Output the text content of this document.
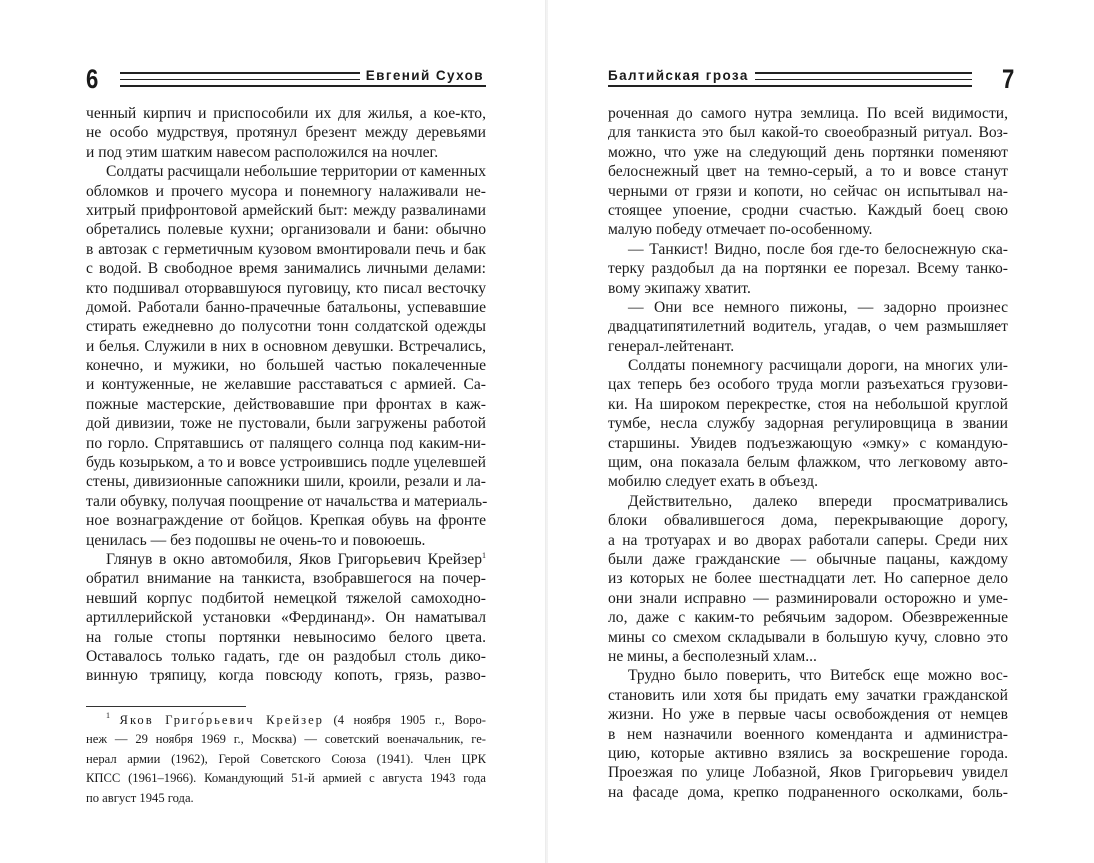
6	Евгений Сухов
ченный кирпич и приспособили их для жилья, а кое-кто,
не особо мудрствуя, протянул брезент между деревьями
и под этим шатким навесом расположился на ночлег.
Солдаты расчищали небольшие территории от каменных
обломков и прочего мусора и понемногу налаживали не-
хитрый прифронтовой армейский быт: между развалинами
обретались полевые кухни; организовали и бани: обычно
в автозак с герметичным кузовом вмонтировали печь и бак
с водой. В свободное время занимались личными делами:
кто подшивал оторвавшуюся пуговицу, кто писал весточку
домой. Работали банно-прачечные батальоны, успевавшие
стирать ежедневно до полусотни тонн солдатской одежды
и белья. Служили в них в основном девушки. Встречались,
конечно, и мужики, но большей частью покалеченные
и контуженные, не желавшие расставаться с армией. Са-
пожные мастерские, действовавшие при фронтах в каж-
дой дивизии, тоже не пустовали, были загружены работой
по горло. Спрятавшись от палящего солнца под каким-ни-
будь козырьком, а то и вовсе устроившись подле уцелевшей
стены, дивизионные сапожники шили, кроили, резали и ла-
тали обувку, получая поощрение от начальства и материаль-
ное вознаграждение от бойцов. Крепкая обувь на фронте
ценилась — без подошвы не очень-то и повоюешь.
Глянув в окно автомобиля, Яков Григорьевич Крейзер$^1$
обратил внимание на танкиста, взобравшегося на почер-
невший корпус подбитой немецкой тяжелой самоходно-
артиллерийской установки «Фердинанд». Он наматывал
на голые стопы портянки невыносимо белого цвета.
Оставалось только гадать, где он раздобыл столь дико-
винную тряпицу, когда повсюду копоть, грязь, разво-
$^1$ Яков Григо́рьевич Крейзер (4 ноября 1905 г., Воро-
неж — 29 ноября 1969 г., Москва) — советский военачальник, ге-
нерал армии (1962), Герой Советского Союза (1941). Член ЦРК
КПСС (1961–1966). Командующий 51-й армией с августа 1943 года
по август 1945 года.
Балтийская гроза	7
роченная до самого нутра землица. По всей видимости,
для танкиста это был какой-то своеобразный ритуал. Воз-
можно, что уже на следующий день портянки поменяют
белоснежный цвет на темно-серый, а то и вовсе станут
черными от грязи и копоти, но сейчас он испытывал на-
стоящее упоение, сродни счастью. Каждый боец свою
малую победу отмечает по-особенному.
— Танкист! Видно, после боя где-то белоснежную ска-
терку раздобыл да на портянки ее порезал. Всему танко-
вому экипажу хватит.
— Они все немного пижоны, — задорно произнес
двадцатипятилетний водитель, угадав, о чем размышляет
генерал-лейтенант.
Солдаты понемногу расчищали дороги, на многих ули-
цах теперь без особого труда могли разъехаться грузови-
ки. На широком перекрестке, стоя на небольшой круглой
тумбе, несла службу задорная регулировщица в звании
старшины. Увидев подъезжающую «эмку» с командую-
щим, она показала белым флажком, что легковому авто-
мобилю следует ехать в объезд.
Действительно, далеко впереди просматривались
блоки обвалившегося дома, перекрывающие дорогу,
а на тротуарах и во дворах работали саперы. Среди них
были даже гражданские — обычные пацаны, каждому
из которых не более шестнадцати лет. Но саперное дело
они знали исправно — разминировали осторожно и уме-
ло, даже с каким-то ребячьим задором. Обезвреженные
мины со смехом складывали в большую кучу, словно это
не мины, а бесполезный хлам...
Трудно было поверить, что Витебск еще можно вос-
становить или хотя бы придать ему зачатки гражданской
жизни. Но уже в первые часы освобождения от немцев
в нем назначили военного коменданта и администра-
цию, которые активно взялись за воскрешение города.
Проезжая по улице Лобазной, Яков Григорьевич увидел
на фасаде дома, крепко подраненного осколками, боль-
